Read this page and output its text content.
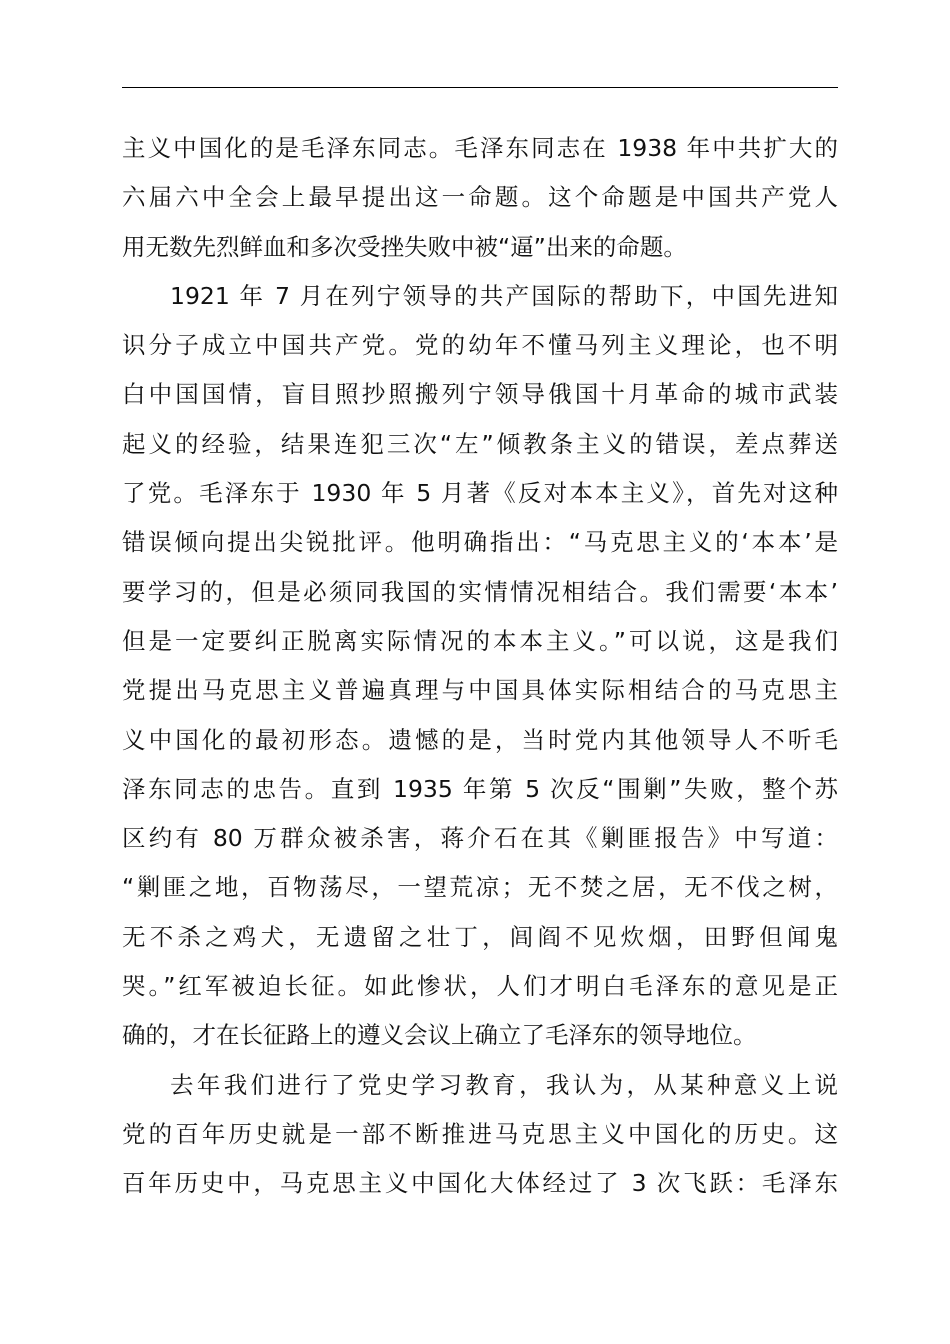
主义中国化的是毛泽东同志。毛泽东同志在 1938 年中共扩大的
六届六中全会上最早提出这一命题。这个命题是中国共产党人
用无数先烈鲜血和多次受挫失败中被“逼”出来的命题。
1921 年 7 月在列宁领导的共产国际的帮助下，中国先进知
识分子成立中国共产党。党的幼年不懂马列主义理论，也不明
白中国国情，盲目照抄照搬列宁领导俄国十月革命的城市武装
起义的经验，结果连犯三次“左”倾教条主义的错误，差点葬送
了党。毛泽东于 1930 年 5 月著《反对本本主义》，首先对这种
错误倾向提出尖锐批评。他明确指出：“马克思主义的‘本本’是
要学习的，但是必须同我国的实情情况相结合。我们需要‘本本’
但是一定要纠正脱离实际情况的本本主义。”可以说，这是我们
党提出马克思主义普遍真理与中国具体实际相结合的马克思主
义中国化的最初形态。遗憾的是，当时党内其他领导人不听毛
泽东同志的忠告。直到 1935 年第 5 次反“围剿”失败，整个苏
区约有 80 万群众被杀害，蒋介石在其《剿匪报告》中写道：
“剿匪之地，百物荡尽，一望荒凉；无不焚之居，无不伐之树，
无不杀之鸡犬，无遗留之壮丁，闾阎不见炊烟，田野但闻鬼
哭。”红军被迫长征。如此惨状，人们才明白毛泽东的意见是正
确的，才在长征路上的遵义会议上确立了毛泽东的领导地位。
去年我们进行了党史学习教育，我认为，从某种意义上说
党的百年历史就是一部不断推进马克思主义中国化的历史。这
百年历史中，马克思主义中国化大体经过了 3 次飞跃：毛泽东
